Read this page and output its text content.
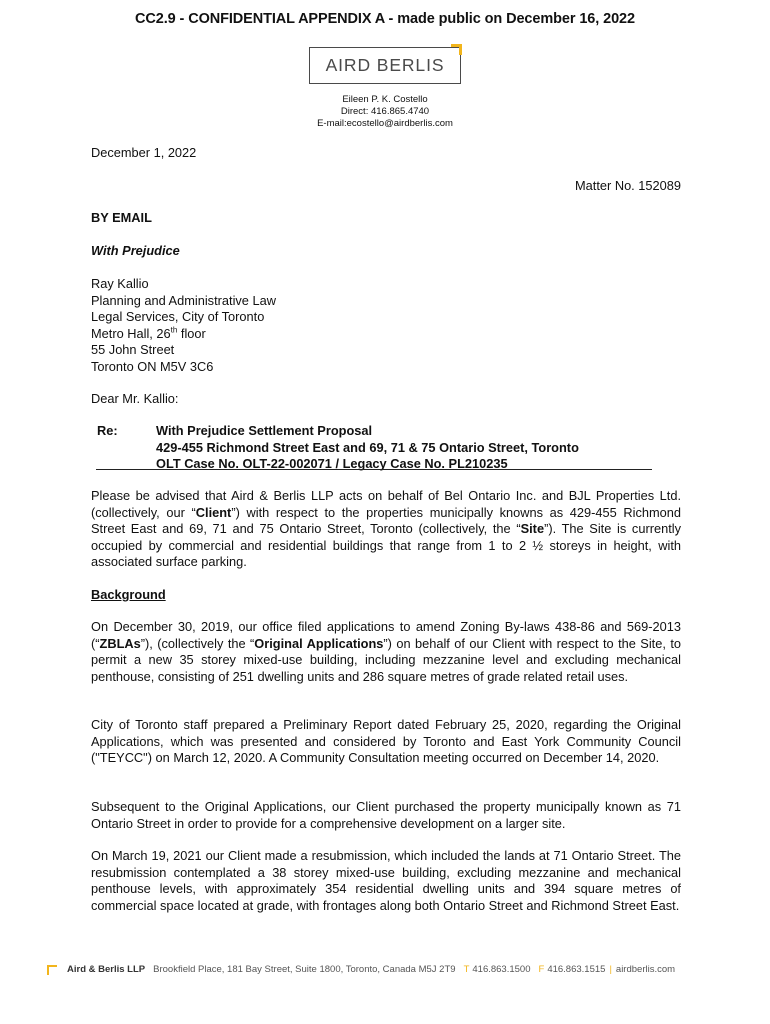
CC2.9 - CONFIDENTIAL APPENDIX A - made public on December 16, 2022
AIRD BERLIS
Eileen P. K. Costello
Direct: 416.865.4740
E-mail:ecostello@airdberlis.com
December 1, 2022
Matter No. 152089
BY EMAIL
With Prejudice
Ray Kallio
Planning and Administrative Law
Legal Services, City of Toronto
Metro Hall, 26th floor
55 John Street
Toronto ON M5V 3C6
Dear Mr. Kallio:
Re:	With Prejudice Settlement Proposal
429-455 Richmond Street East and 69, 71 & 75 Ontario Street, Toronto
OLT Case No. OLT-22-002071 / Legacy Case No. PL210235
Please be advised that Aird & Berlis LLP acts on behalf of Bel Ontario Inc. and BJL Properties Ltd. (collectively, our “Client”) with respect to the properties municipally knowns as 429-455 Richmond Street East and 69, 71 and 75 Ontario Street, Toronto (collectively, the “Site”). The Site is currently occupied by commercial and residential buildings that range from 1 to 2 ½ storeys in height, with associated surface parking.
Background
On December 30, 2019, our office filed applications to amend Zoning By-laws 438-86 and 569-2013 (“ZBLAs”), (collectively the “Original Applications”) on behalf of our Client with respect to the Site, to permit a new 35 storey mixed-use building, including mezzanine level and excluding mechanical penthouse, consisting of 251 dwelling units and 286 square metres of grade related retail uses.
City of Toronto staff prepared a Preliminary Report dated February 25, 2020, regarding the Original Applications, which was presented and considered by Toronto and East York Community Council ("TEYCC") on March 12, 2020. A Community Consultation meeting occurred on December 14, 2020.
Subsequent to the Original Applications, our Client purchased the property municipally known as 71 Ontario Street in order to provide for a comprehensive development on a larger site.
On March 19, 2021 our Client made a resubmission, which included the lands at 71 Ontario Street. The resubmission contemplated a 38 storey mixed-use building, excluding mezzanine and mechanical penthouse levels, with approximately 354 residential dwelling units and 394 square metres of commercial space located at grade, with frontages along both Ontario Street and Richmond Street East.
Aird & Berlis LLP Brookfield Place, 181 Bay Street, Suite 1800, Toronto, Canada M5J 2T9 T 416.863.1500 F 416.863.1515 | airdberlis.com
